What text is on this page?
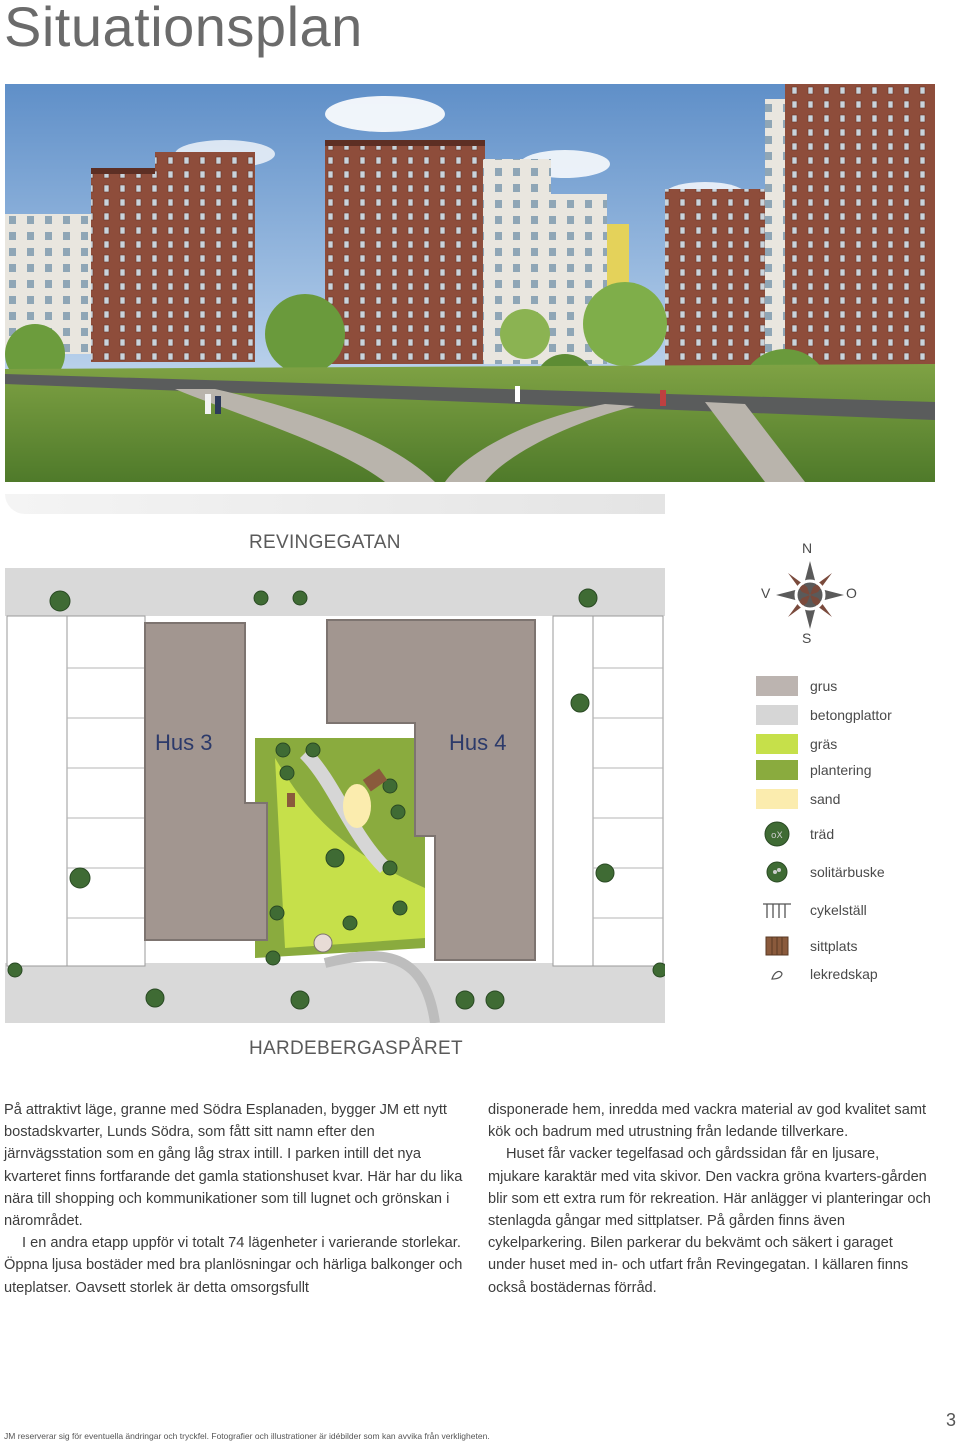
Situationsplan
REVINGEGATAN
HARDEBERGASPÅRET
Hus 3	Hus 4
N
V	O
S
grus
betongplattor
gräs
plantering
sand
oX träd
solitärbuske
cykelställ
sittplats
lekredskap

På attraktivt läge, granne med Södra Esplanaden, bygger JM ett nytt bostadskvarter, Lunds Södra, som fått sitt namn efter den järnvägsstation som en gång låg strax intill. I parken intill det nya kvarteret finns fortfarande det gamla stationshuset kvar. Här har du lika nära till shopping och kommunikationer som till lugnet och grönskan i närområdet.

I en andra etapp uppför vi totalt 74 lägenheter i varierande storlekar. Öppna ljusa bostäder med bra planlösningar och härliga balkonger och uteplatser. Oavsett storlek är detta omsorgsfullt

disponerade hem, inredda med vackra material av god kvalitet samt kök och badrum med utrustning från ledande tillverkare.

Huset får vacker tegelfasad och gårdssidan får en ljusare, mjukare karaktär med vita skivor. Den vackra gröna kvarters-gården blir som ett extra rum för rekreation. Här anlägger vi planteringar och stenlagda gångar med sittplatser. På gården finns även cykelparkering. Bilen parkerar du bekvämt och säkert i garaget under huset med in- och utfart från Revingegatan. I källaren finns också bostädernas förråd.

JM reserverar sig för eventuella ändringar och tryckfel. Fotografier och illustrationer är idébilder som kan avvika från verkligheten.
3
